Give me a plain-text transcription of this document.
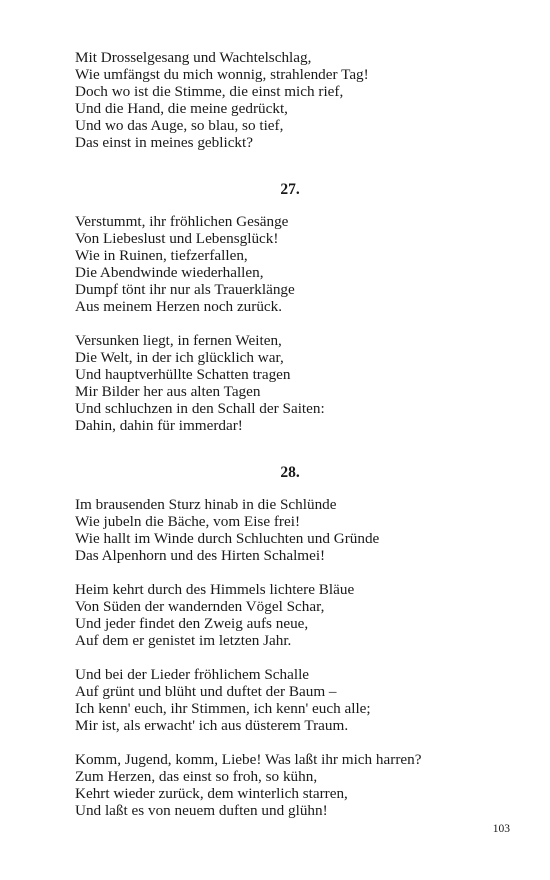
Mit Drosselgesang und Wachtelschlag,
Wie umfängst du mich wonnig, strahlender Tag!
Doch wo ist die Stimme, die einst mich rief,
Und die Hand, die meine gedrückt,
Und wo das Auge, so blau, so tief,
Das einst in meines geblickt?

27.

Verstummt, ihr fröhlichen Gesänge
Von Liebeslust und Lebensglück!
Wie in Ruinen, tiefzerfallen,
Die Abendwinde wiederhallen,
Dumpf tönt ihr nur als Trauerklänge
Aus meinem Herzen noch zurück.

Versunken liegt, in fernen Weiten,
Die Welt, in der ich glücklich war,
Und hauptverhüllte Schatten tragen
Mir Bilder her aus alten Tagen
Und schluchzen in den Schall der Saiten:
Dahin, dahin für immerdar!

28.

Im brausenden Sturz hinab in die Schlünde
Wie jubeln die Bäche, vom Eise frei!
Wie hallt im Winde durch Schluchten und Gründe
Das Alpenhorn und des Hirten Schalmei!

Heim kehrt durch des Himmels lichtere Bläue
Von Süden der wandernden Vögel Schar,
Und jeder findet den Zweig aufs neue,
Auf dem er genistet im letzten Jahr.

Und bei der Lieder fröhlichem Schalle
Auf grünt und blüht und duftet der Baum –
Ich kenn' euch, ihr Stimmen, ich kenn' euch alle;
Mir ist, als erwacht' ich aus düsterem Traum.

Komm, Jugend, komm, Liebe! Was laßt ihr mich harren?
Zum Herzen, das einst so froh, so kühn,
Kehrt wieder zurück, dem winterlich starren,
Und laßt es von neuem duften und glühn!

103
